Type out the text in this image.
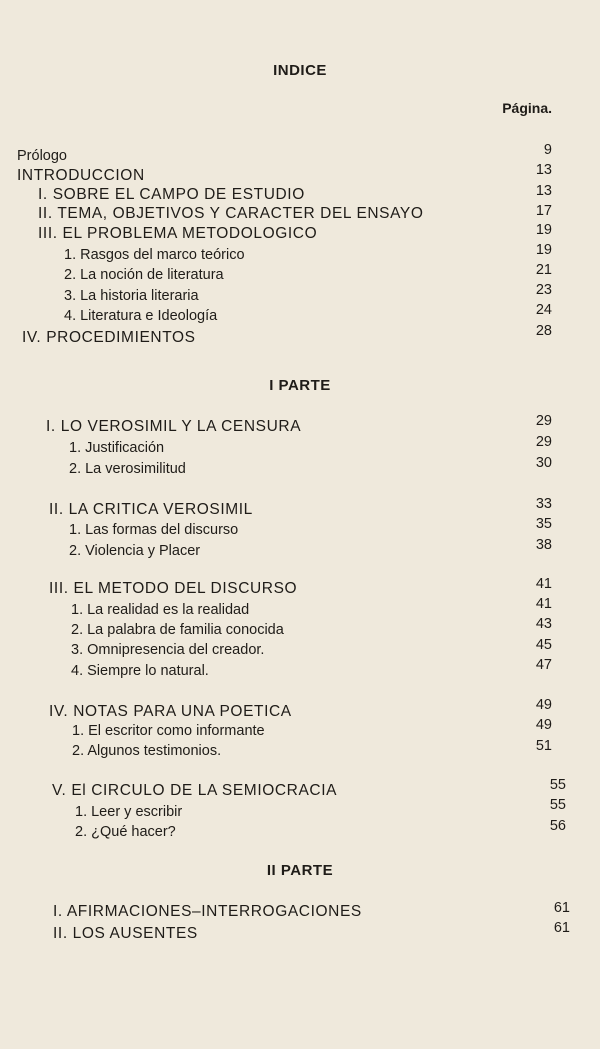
INDICE
Página.
Prólogo	9
INTRODUCCION	13
I. SOBRE EL CAMPO DE ESTUDIO	13
II. TEMA, OBJETIVOS Y CARACTER DEL ENSAYO	17
III. EL PROBLEMA METODOLOGICO	19
1. Rasgos del marco teórico	19
2. La noción de literatura	21
3. La historia literaria	23
4. Literatura e Ideología	24
IV. PROCEDIMIENTOS	28
I PARTE
I. LO VEROSIMIL Y LA CENSURA	29
1. Justificación	29
2. La verosimilitud	30
II. LA CRITICA VEROSIMIL	33
1. Las formas del discurso	35
2. Violencia y Placer	38
III. EL METODO DEL DISCURSO	41
1. La realidad es la realidad	41
2. La palabra de familia conocida	43
3. Omnipresencia del creador.	45
4. Siempre lo natural.	47
IV. NOTAS PARA UNA POETICA	49
1. El escritor como informante	49
2. Algunos testimonios.	51
V. El CIRCULO DE LA SEMIOCRACIA	55
1. Leer y escribir	55
2. ¿Qué hacer?	56
II PARTE
I. AFIRMACIONES–INTERROGACIONES	61
II. LOS AUSENTES	61
